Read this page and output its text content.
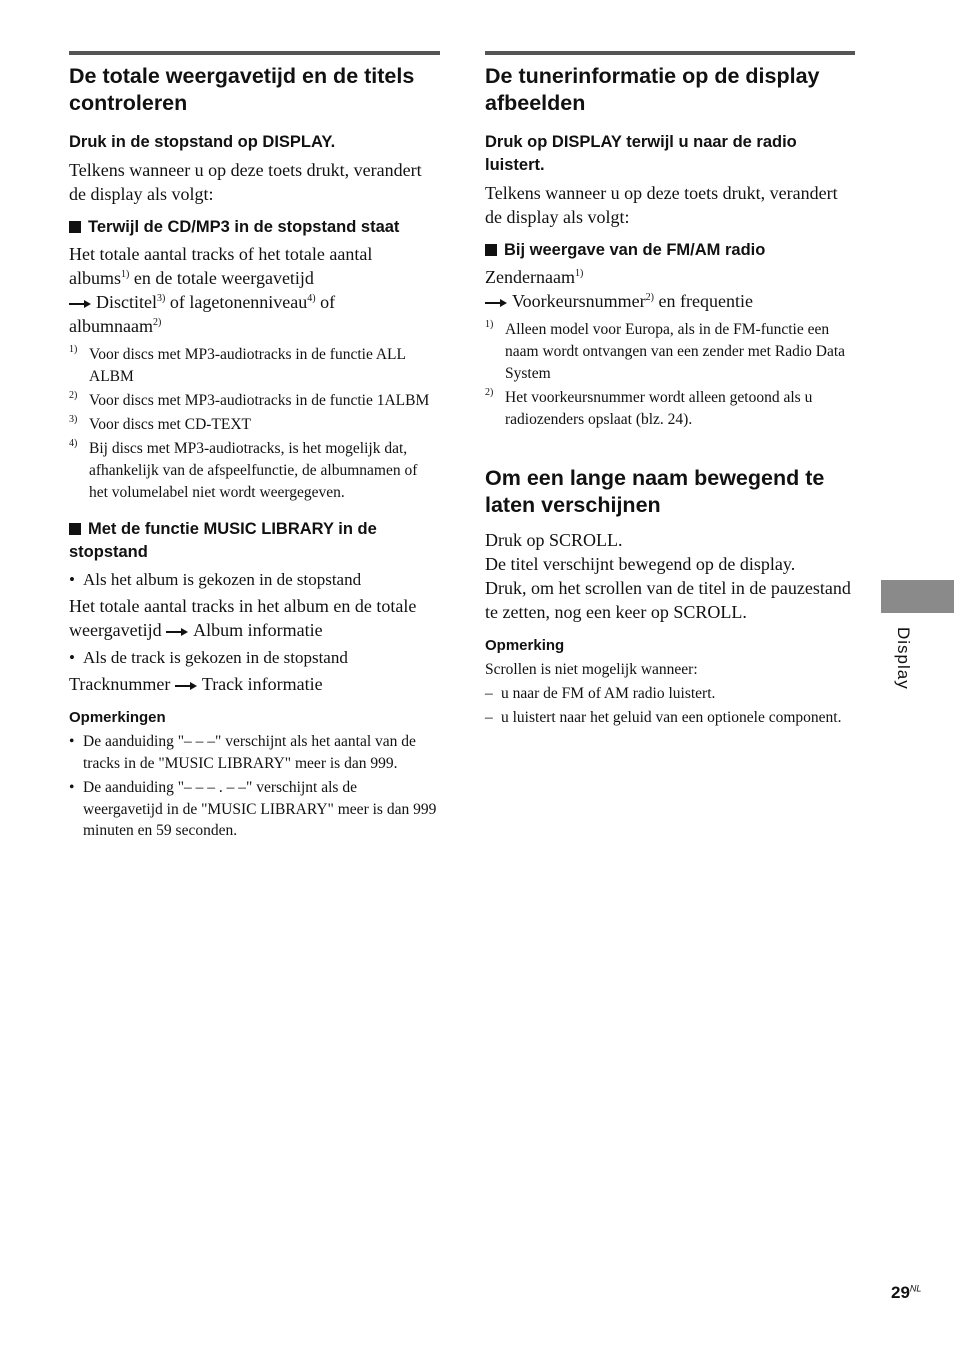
De totale weergavetijd en de titels controleren

Druk in de stopstand op DISPLAY.

Telkens wanneer u op deze toets drukt, verandert de display als volgt:

Terwijl de CD/MP3 in de stopstand staat

Het totale aantal tracks of het totale aantal
albums$^{1)}$ en de totale weergavetijd
Disctitel$^{3)}$ of lagetonenniveau$^{4)}$ of
albumnaam$^{2)}$

1) Voor discs met MP3-audiotracks in de functie ALL ALBM
2) Voor discs met MP3-audiotracks in de functie 1ALBM
3) Voor discs met CD-TEXT
4) Bij discs met MP3-audiotracks, is het mogelijk dat, afhankelijk van de afspeelfunctie, de albumnamen of het volumelabel niet wordt weergegeven.

Met de functie MUSIC LIBRARY in de stopstand

• Als het album is gekozen in de stopstand

Het totale aantal tracks in het album en de totale
weergavetijd Album informatie

• Als de track is gekozen in de stopstand

Tracknummer Track informatie

Opmerkingen

• De aanduiding "– – –" verschijnt als het aantal van de tracks in de "MUSIC LIBRARY" meer is dan 999.
• De aanduiding "– – – . – –" verschijnt als de weergavetijd in de "MUSIC LIBRARY" meer is dan 999 minuten en 59 seconden.
De tunerinformatie op de display afbeelden

Druk op DISPLAY terwijl u naar de radio luistert.

Telkens wanneer u op deze toets drukt, verandert de display als volgt:

Bij weergave van de FM/AM radio

Zendernaam$^{1)}$
Voorkeursnummer$^{2)}$ en frequentie

1) Alleen model voor Europa, als in de FM-functie een naam wordt ontvangen van een zender met Radio Data System
2) Het voorkeursnummer wordt alleen getoond als u radiozenders opslaat (blz. 24).
Om een lange naam bewegend te laten verschijnen

Druk op SCROLL.

De titel verschijnt bewegend op de display.

Druk, om het scrollen van de titel in de pauzestand te zetten, nog een keer op SCROLL.

Opmerking

Scrollen is niet mogelijk wanneer:

– u naar de FM of AM radio luistert.
– u luistert naar het geluid van een optionele component.
Display
$29^{NL}$
